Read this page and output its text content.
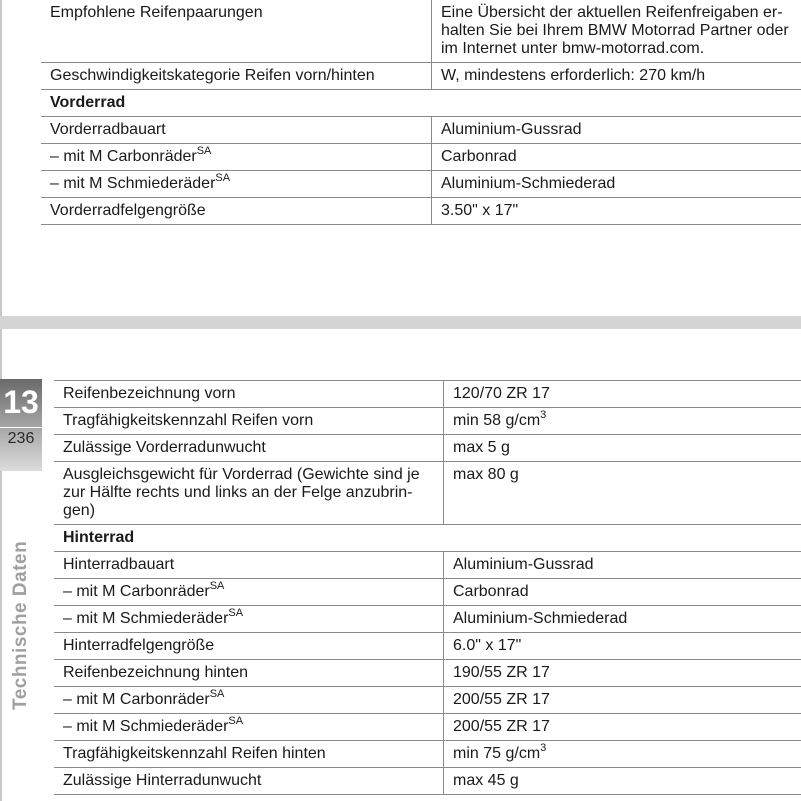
Empfohlene Reifenpaarungen	Eine Übersicht der aktuellen Reifenfreigaben er-
halten Sie bei Ihrem BMW Motorrad Partner oder
im Internet unter bmw-motorrad.com.
Geschwindigkeitskategorie Reifen vorn/hinten	W, mindestens erforderlich: 270 km/h
Vorderrad	
Vorderradbauart	Aluminium-Gussrad
– mit M Carbonräder$^{SA}$	Carbonrad
– mit M Schmiederäder$^{SA}$	Aluminium-Schmiederad
Vorderradfelgengröße	3.50" x 17"
13
236
Technische Daten
Reifenbezeichnung vorn	120/70 ZR 17
Tragfähigkeitskennzahl Reifen vorn	min 58 $g/cm^3$
Zulässige Vorderradunwucht	max 5 g
Ausgleichsgewicht für Vorderrad (Gewichte sind je
zur Hälfte rechts und links an der Felge anzubrin-
gen)	max 80 g
Hinterrad	
Hinterradbauart	Aluminium-Gussrad
– mit M Carbonräder$^{SA}$	Carbonrad
– mit M Schmiederäder$^{SA}$	Aluminium-Schmiederad
Hinterradfelgengröße	6.0" x 17"
Reifenbezeichnung hinten	190/55 ZR 17
– mit M Carbonräder$^{SA}$	200/55 ZR 17
– mit M Schmiederäder$^{SA}$	200/55 ZR 17
Tragfähigkeitskennzahl Reifen hinten	min 75 $g/cm^3$
Zulässige Hinterradunwucht	max 45 g
